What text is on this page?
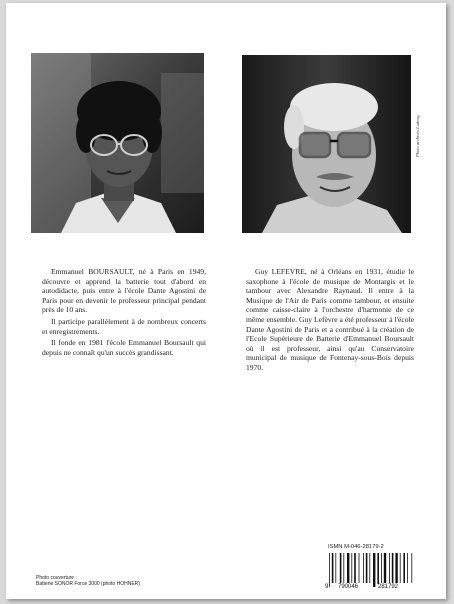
Photo archives Ludwig

Emmanuel BOURSAULT, né à Paris en 1949, découvre et apprend la batterie tout d'abord en autodidacte, puis entre à l'école Dante Agostini de Paris pour en devenir le professeur principal pendant près de 10 ans.

Il participe parallèlement à de nombreux concerts et enregistrements.

Il fonde en 1981 l'école Emmanuel Boursault qui depuis ne connaît qu'un succès grandissant.

Guy LEFEVRE, né à Orléans en 1931, étudie le saxophone à l'école de musique de Montargis et le tambour avec Alexandre Raynaud. Il entre à la Musique de l'Air de Paris comme tambour, et ensuite comme caisse-claire à l'orchestre d'harmonie de ce même ensemble. Guy Lefèvre a été professeur à l'école Dante Agostini de Paris et a contribué à la création de l'Ecole Supérieure de Batterie d'Emmanuel Boursault où il est professeur, ainsi qu'au Conservatoire municipal de musique de Fontenay-sous-Bois depuis 1970.

ISMN M-046-28179-2
9 790046	281792
Photo couverture :
Batterie SONOR Force 3000 (photo HOHNER)
